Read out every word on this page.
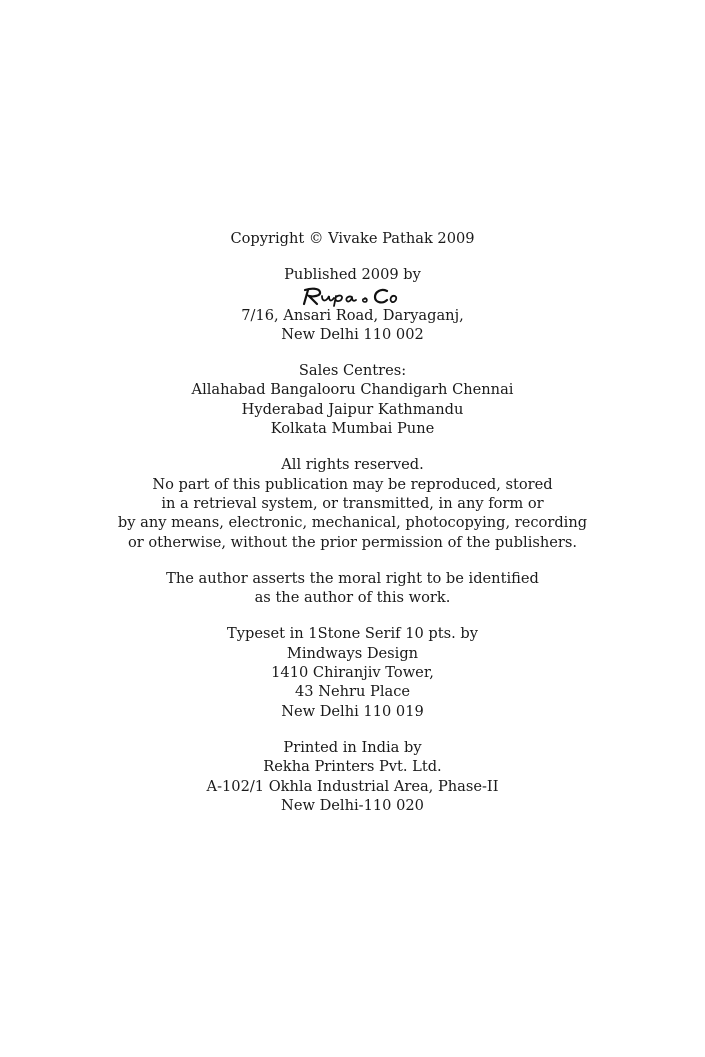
Copyright © Vivake Pathak 2009
Published 2009 by
7/16, Ansari Road, Daryaganj,
New Delhi 110 002
Sales Centres:
Allahabad Bangalooru Chandigarh Chennai
Hyderabad Jaipur Kathmandu
Kolkata Mumbai Pune
All rights reserved.
No part of this publication may be reproduced, stored
in a retrieval system, or transmitted, in any form or
by any means, electronic, mechanical, photocopying, recording
or otherwise, without the prior permission of the publishers.
The author asserts the moral right to be identified
as the author of this work.
Typeset in 1Stone Serif 10 pts. by
Mindways Design
1410 Chiranjiv Tower,
43 Nehru Place
New Delhi 110 019
Printed in India by
Rekha Printers Pvt. Ltd.
A-102/1 Okhla Industrial Area, Phase-II
New Delhi-110 020
